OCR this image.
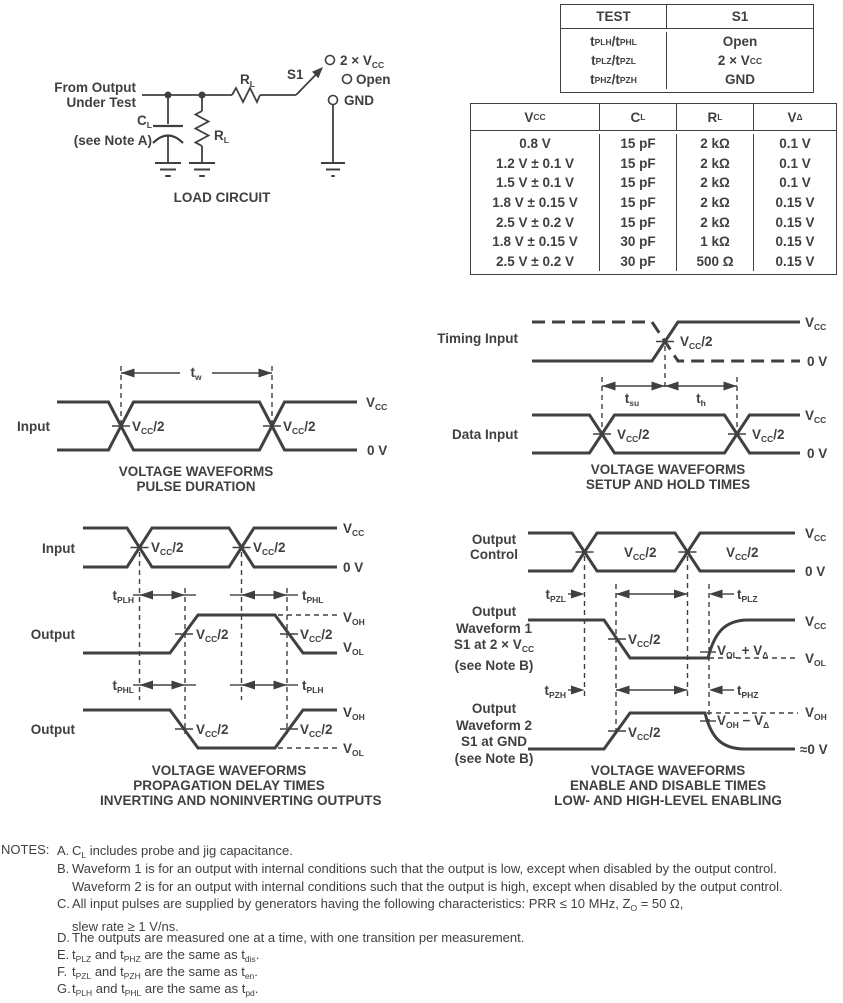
From Output
Under Test
$C_L$
(see Note A)	$R_L$
$R_L$
S1
$2 \times V_{CC}$
Open
GND
LOAD CIRCUIT
TEST	S1
t PLH /t PHL	Open
t PLZ /t PZL	2 × V CC
t PHZ /t PZH	GND
V CC	C L	R L	V Δ
0.8 V	15 pF	2 kΩ	0.1 V
1.2 V ± 0.1 V	15 pF	2 kΩ	0.1 V
1.5 V ± 0.1 V	15 pF	2 kΩ	0.1 V
1.8 V ± 0.15 V	15 pF	2 kΩ	0.15 V
2.5 V ± 0.2 V	15 pF	2 kΩ	0.15 V
1.8 V ± 0.15 V	30 pF	1 kΩ	0.15 V
2.5 V ± 0.2 V	30 pF	500 Ω	0.15 V
Input
$t_w$
$V_{CC}/2$	$V_{CC}/2$
$V_{CC}$
0 V
VOLTAGE WAVEFORMS
PULSE DURATION
Timing Input
Data Input
$V_{CC}/2$
$V_{CC}/2$	$V_{CC}/2$
$t_{su}$	$t_h$
$V_{CC}$
0 V
$V_{CC}$
0 V
VOLTAGE WAVEFORMS
SETUP AND HOLD TIMES
Input	$V_{CC}/2$	$V_{CC}/2$
$V_{CC}$
0 V
$t_{PLH}$	$t_{PHL}$
Output	$V_{CC}/2$	$V_{CC}/2$
$V_{OH}$
$V_{OL}$
$t_{PHL}$	$t_{PLH}$
Output	$V_{CC}/2$	$V_{CC}/2$
$V_{OH}$
$V_{OL}$
VOLTAGE WAVEFORMS
PROPAGATION DELAY TIMES
INVERTING AND NONINVERTING OUTPUTS
Output
Control	$V_{CC}/2$	$V_{CC}/2$
$V_{CC}$
0 V
$t_{PZL}$	$t_{PLZ}$
Output
Waveform 1
S1 at $2 \times V_{CC}$
(see Note B)
$V_{CC}/2$
$V_{OL} + V_\Delta$
$V_{CC}$
$V_{OL}$
$t_{PZH}$	$t_{PHZ}$
Output
Waveform 2
S1 at GND
(see Note B)
$V_{CC}/2$
$V_{OH} - V_\Delta$
$V_{OH}$
≈0 V
VOLTAGE WAVEFORMS
ENABLE AND DISABLE TIMES
LOW- AND HIGH-LEVEL ENABLING
NOTES: A. $C_L$ includes probe and jig capacitance.
B. Waveform 1 is for an output with internal conditions such that the output is low, except when disabled by the output control.
Waveform 2 is for an output with internal conditions such that the output is high, except when disabled by the output control.
C. All input pulses are supplied by generators having the following characteristics: PRR ≤ 10 MHz, $Z_O = 50$ Ω,
slew rate ≥ 1 V/ns.
D. The outputs are measured one at a time, with one transition per measurement.
E. $t_{PLZ}$ and $t_{PHZ}$ are the same as $t_{dis}$.
F. $t_{PZL}$ and $t_{PZH}$ are the same as $t_{en}$.
G. $t_{PLH}$ and $t_{PHL}$ are the same as $t_{pd}$.
